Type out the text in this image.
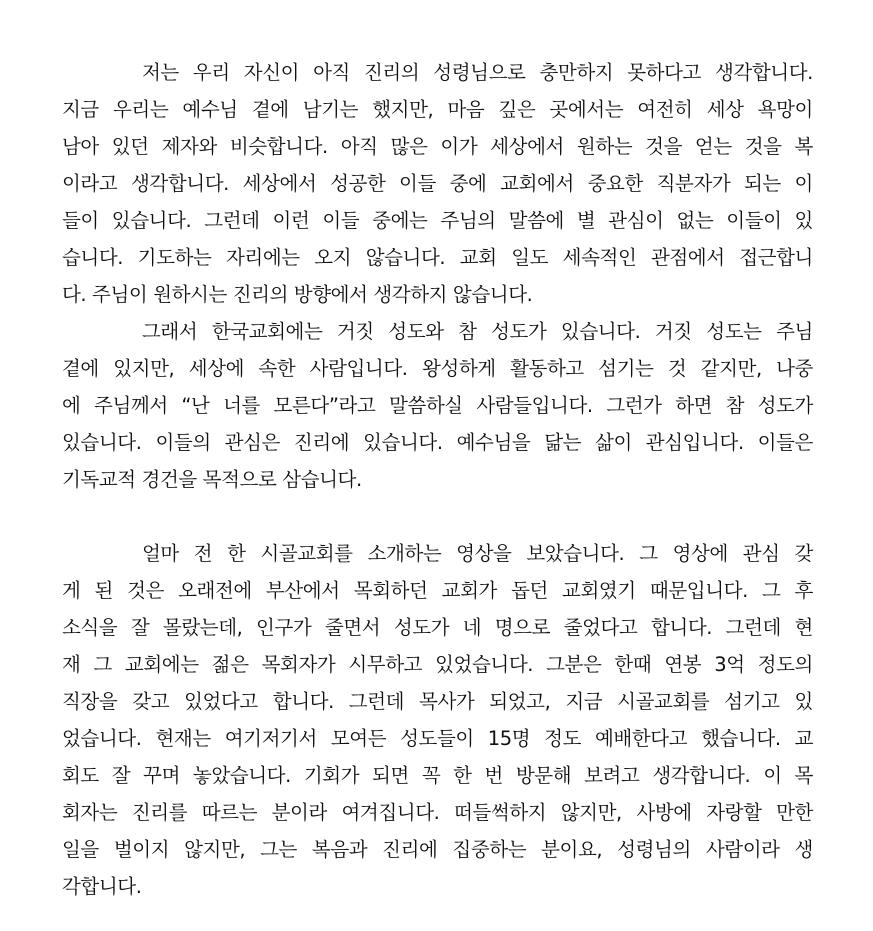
저는 우리 자신이 아직 진리의 성령님으로 충만하지 못하다고 생각합니다.
지금 우리는 예수님 곁에 남기는 했지만, 마음 깊은 곳에서는 여전히 세상 욕망이
남아 있던 제자와 비슷합니다. 아직 많은 이가 세상에서 원하는 것을 얻는 것을 복
이라고 생각합니다. 세상에서 성공한 이들 중에 교회에서 중요한 직분자가 되는 이
들이 있습니다. 그런데 이런 이들 중에는 주님의 말씀에 별 관심이 없는 이들이 있
습니다. 기도하는 자리에는 오지 않습니다. 교회 일도 세속적인 관점에서 접근합니
다. 주님이 원하시는 진리의 방향에서 생각하지 않습니다.
그래서 한국교회에는 거짓 성도와 참 성도가 있습니다. 거짓 성도는 주님
곁에 있지만, 세상에 속한 사람입니다. 왕성하게 활동하고 섬기는 것 같지만, 나중
에 주님께서 “난 너를 모른다”라고 말씀하실 사람들입니다. 그런가 하면 참 성도가
있습니다. 이들의 관심은 진리에 있습니다. 예수님을 닮는 삶이 관심입니다. 이들은
기독교적 경건을 목적으로 삼습니다.
얼마 전 한 시골교회를 소개하는 영상을 보았습니다. 그 영상에 관심 갖
게 된 것은 오래전에 부산에서 목회하던 교회가 돕던 교회였기 때문입니다. 그 후
소식을 잘 몰랐는데, 인구가 줄면서 성도가 네 명으로 줄었다고 합니다. 그런데 현
재 그 교회에는 젊은 목회자가 시무하고 있었습니다. 그분은 한때 연봉 3억 정도의
직장을 갖고 있었다고 합니다. 그런데 목사가 되었고, 지금 시골교회를 섬기고 있
었습니다. 현재는 여기저기서 모여든 성도들이 15명 정도 예배한다고 했습니다. 교
회도 잘 꾸며 놓았습니다. 기회가 되면 꼭 한 번 방문해 보려고 생각합니다. 이 목
회자는 진리를 따르는 분이라 여겨집니다. 떠들썩하지 않지만, 사방에 자랑할 만한
일을 벌이지 않지만, 그는 복음과 진리에 집중하는 분이요, 성령님의 사람이라 생
각합니다.
